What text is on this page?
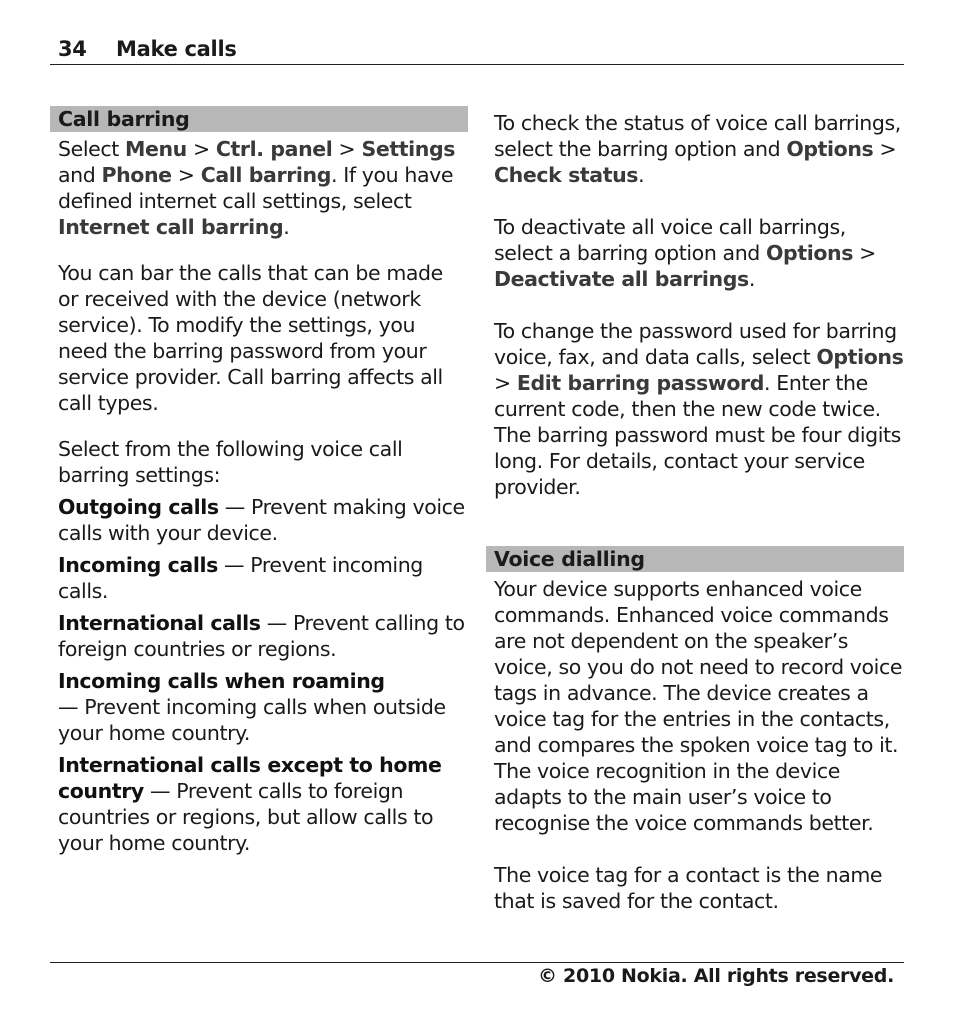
34 Make calls
Call barring

Select Menu > Ctrl. panel > Settings and Phone > Call barring. If you have defined internet call settings, select Internet call barring.

You can bar the calls that can be made or received with the device (network service). To modify the settings, you need the barring password from your service provider. Call barring affects all call types.

Select from the following voice call barring settings:

Outgoing calls — Prevent making voice calls with your device.

Incoming calls — Prevent incoming calls.

International calls — Prevent calling to foreign countries or regions.

Incoming calls when roaming
— Prevent incoming calls when outside your home country.

International calls except to home country — Prevent calls to foreign countries or regions, but allow calls to your home country.

To check the status of voice call barrings, select the barring option and Options > Check status.

To deactivate all voice call barrings, select a barring option and Options > Deactivate all barrings.

To change the password used for barring voice, fax, and data calls, select Options > Edit barring password. Enter the current code, then the new code twice. The barring password must be four digits long. For details, contact your service provider.

Voice dialling

Your device supports enhanced voice commands. Enhanced voice commands are not dependent on the speaker’s voice, so you do not need to record voice tags in advance. The device creates a voice tag for the entries in the contacts, and compares the spoken voice tag to it. The voice recognition in the device adapts to the main user’s voice to recognise the voice commands better.

The voice tag for a contact is the name that is saved for the contact.

© 2010 Nokia. All rights reserved.
